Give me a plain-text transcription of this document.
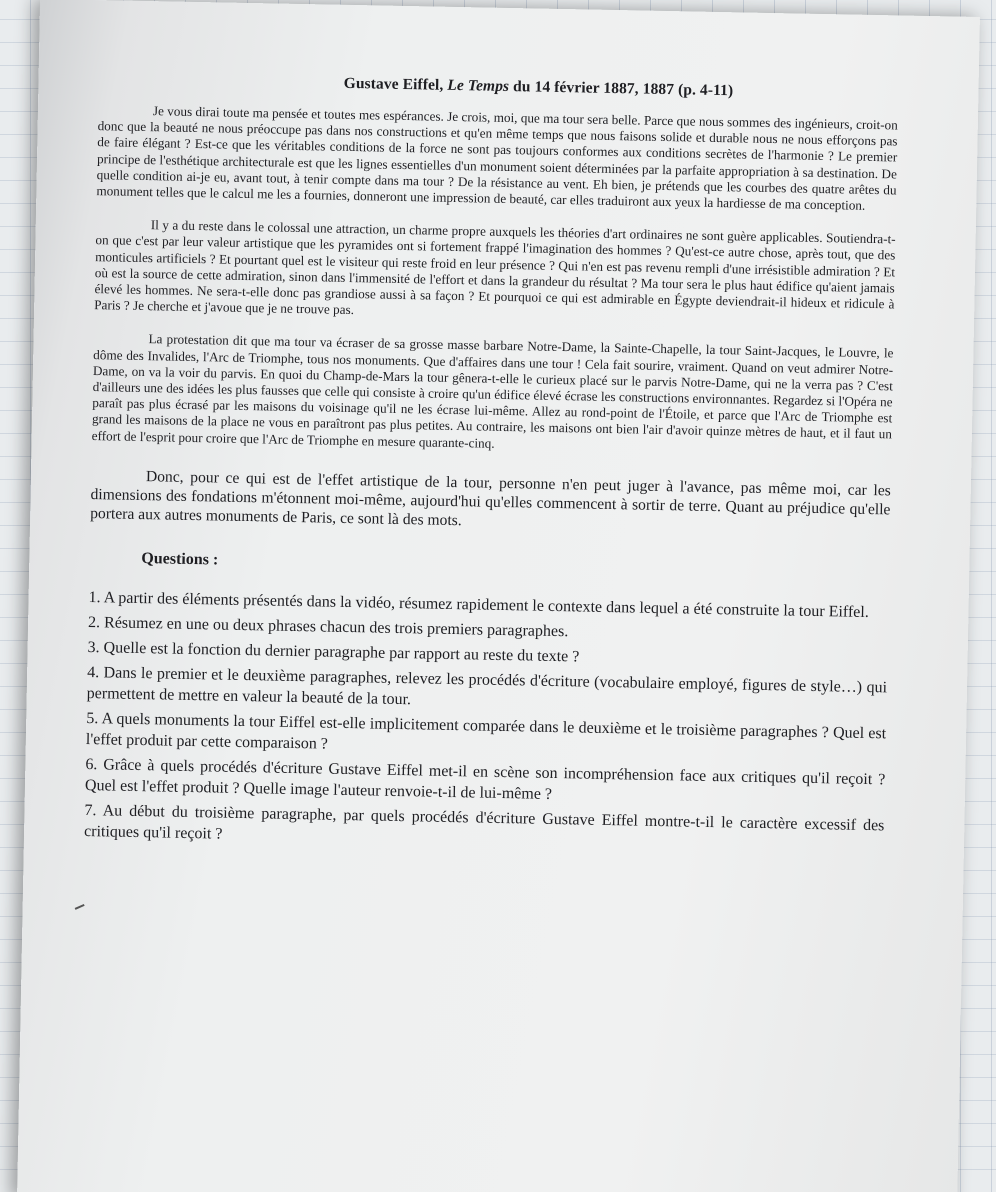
Gustave Eiffel, Le Temps du 14 février 1887, 1887 (p. 4-11)

Je vous dirai toute ma pensée et toutes mes espérances. Je crois, moi, que ma tour sera belle. Parce que nous sommes des ingénieurs, croit-on donc que la beauté ne nous préoccupe pas dans nos constructions et qu'en même temps que nous faisons solide et durable nous ne nous efforçons pas de faire élégant ? Est-ce que les véritables conditions de la force ne sont pas toujours conformes aux conditions secrètes de l'harmonie ? Le premier principe de l'esthétique architecturale est que les lignes essentielles d'un monument soient déterminées par la parfaite appropriation à sa destination. De quelle condition ai-je eu, avant tout, à tenir compte dans ma tour ? De la résistance au vent. Eh bien, je prétends que les courbes des quatre arêtes du monument telles que le calcul me les a fournies, donneront une impression de beauté, car elles traduiront aux yeux la hardiesse de ma conception.

Il y a du reste dans le colossal une attraction, un charme propre auxquels les théories d'art ordinaires ne sont guère applicables. Soutiendra-t-on que c'est par leur valeur artistique que les pyramides ont si fortement frappé l'imagination des hommes ? Qu'est-ce autre chose, après tout, que des monticules artificiels ? Et pourtant quel est le visiteur qui reste froid en leur présence ? Qui n'en est pas revenu rempli d'une irrésistible admiration ? Et où est la source de cette admiration, sinon dans l'immensité de l'effort et dans la grandeur du résultat ? Ma tour sera le plus haut édifice qu'aient jamais élevé les hommes. Ne sera-t-elle donc pas grandiose aussi à sa façon ? Et pourquoi ce qui est admirable en Égypte deviendrait-il hideux et ridicule à Paris ? Je cherche et j'avoue que je ne trouve pas.

La protestation dit que ma tour va écraser de sa grosse masse barbare Notre-Dame, la Sainte-Chapelle, la tour Saint-Jacques, le Louvre, le dôme des Invalides, l'Arc de Triomphe, tous nos monuments. Que d'affaires dans une tour ! Cela fait sourire, vraiment. Quand on veut admirer Notre-Dame, on va la voir du parvis. En quoi du Champ-de-Mars la tour gênera-t-elle le curieux placé sur le parvis Notre-Dame, qui ne la verra pas ? C'est d'ailleurs une des idées les plus fausses que celle qui consiste à croire qu'un édifice élevé écrase les constructions environnantes. Regardez si l'Opéra ne paraît pas plus écrasé par les maisons du voisinage qu'il ne les écrase lui-même. Allez au rond-point de l'Étoile, et parce que l'Arc de Triomphe est grand les maisons de la place ne vous en paraîtront pas plus petites. Au contraire, les maisons ont bien l'air d'avoir quinze mètres de haut, et il faut un effort de l'esprit pour croire que l'Arc de Triomphe en mesure quarante-cinq.

Donc, pour ce qui est de l'effet artistique de la tour, personne n'en peut juger à l'avance, pas même moi, car les dimensions des fondations m'étonnent moi-même, aujourd'hui qu'elles commencent à sortir de terre. Quant au préjudice qu'elle portera aux autres monuments de Paris, ce sont là des mots.

Questions :
1. A partir des éléments présentés dans la vidéo, résumez rapidement le contexte dans lequel a été construite la tour Eiffel.
2. Résumez en une ou deux phrases chacun des trois premiers paragraphes.
3. Quelle est la fonction du dernier paragraphe par rapport au reste du texte ?
4. Dans le premier et le deuxième paragraphes, relevez les procédés d'écriture (vocabulaire employé, figures de style…) qui permettent de mettre en valeur la beauté de la tour.
5. A quels monuments la tour Eiffel est-elle implicitement comparée dans le deuxième et le troisième paragraphes ? Quel est l'effet produit par cette comparaison ?
6. Grâce à quels procédés d'écriture Gustave Eiffel met-il en scène son incompréhension face aux critiques qu'il reçoit ? Quel est l'effet produit ? Quelle image l'auteur renvoie-t-il de lui-même ?
7. Au début du troisième paragraphe, par quels procédés d'écriture Gustave Eiffel montre-t-il le caractère excessif des critiques qu'il reçoit ?
